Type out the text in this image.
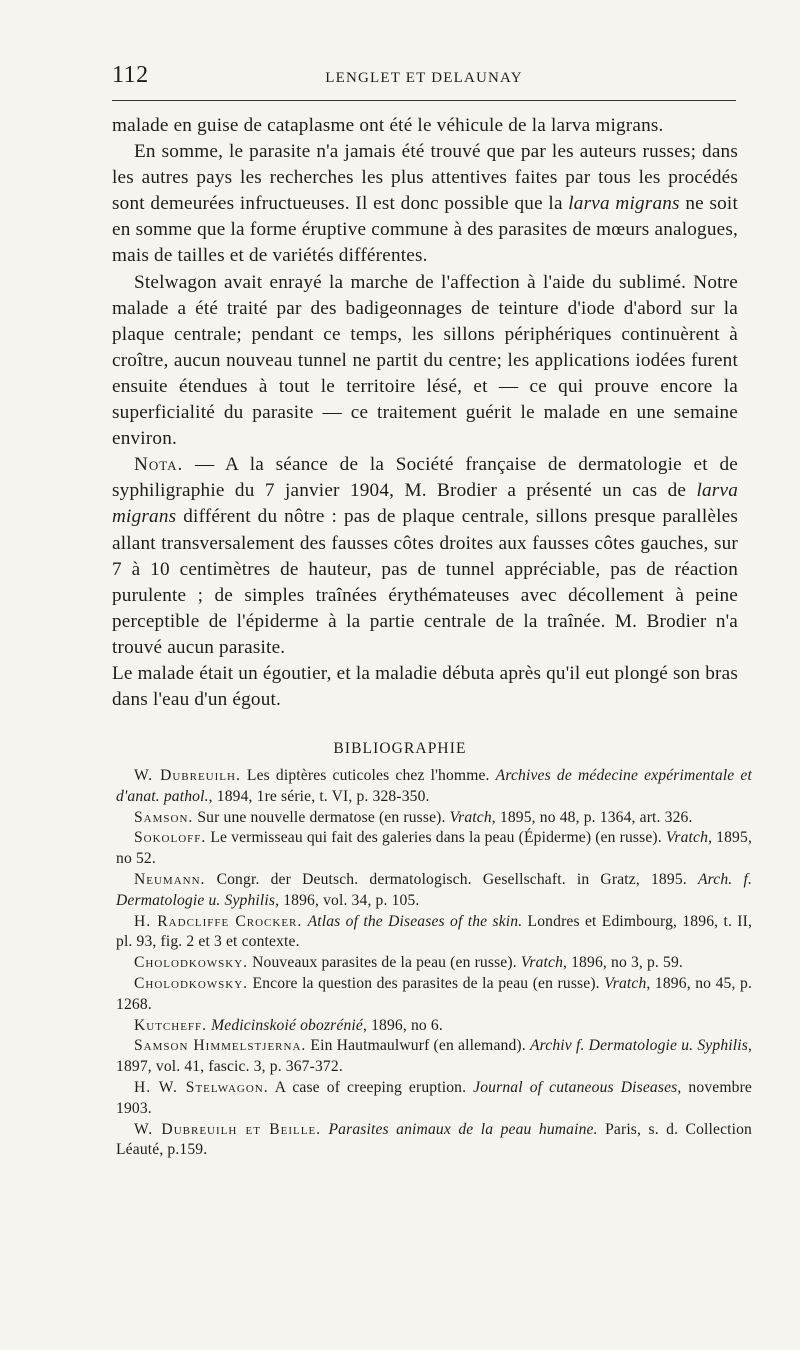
112	LENGLET ET DELAUNAY

malade en guise de cataplasme ont été le véhicule de la larva migrans.

En somme, le parasite n'a jamais été trouvé que par les auteurs russes; dans les autres pays les recherches les plus attentives faites par tous les procédés sont demeurées infructueuses. Il est donc possible que la larva migrans ne soit en somme que la forme éruptive commune à des parasites de mœurs analogues, mais de tailles et de variétés différentes.

Stelwagon avait enrayé la marche de l'affection à l'aide du sublimé. Notre malade a été traité par des badigeonnages de teinture d'iode d'abord sur la plaque centrale; pendant ce temps, les sillons périphériques continuèrent à croître, aucun nouveau tunnel ne partit du centre; les applications iodées furent ensuite étendues à tout le territoire lésé, et — ce qui prouve encore la superficialité du parasite — ce traitement guérit le malade en une semaine environ.

Nota. — A la séance de la Société française de dermatologie et de syphiligraphie du 7 janvier 1904, M. Brodier a présenté un cas de larva migrans différent du nôtre : pas de plaque centrale, sillons presque parallèles allant transversalement des fausses côtes droites aux fausses côtes gauches, sur 7 à 10 centimètres de hauteur, pas de tunnel appréciable, pas de réaction purulente ; de simples traînées érythémateuses avec décollement à peine perceptible de l'épiderme à la partie centrale de la traînée. M. Brodier n'a trouvé aucun parasite.

Le malade était un égoutier, et la maladie débuta après qu'il eut plongé son bras dans l'eau d'un égout.

BIBLIOGRAPHIE

W. Dubreuilh. Les diptères cuticoles chez l'homme. Archives de médecine expérimentale et d'anat. pathol., 1894, 1re série, t. VI, p. 328-350.

Samson. Sur une nouvelle dermatose (en russe). Vratch, 1895, no 48, p. 1364, art. 326.

Sokoloff. Le vermisseau qui fait des galeries dans la peau (Épiderme) (en russe). Vratch, 1895, no 52.

Neumann. Congr. der Deutsch. dermatologisch. Gesellschaft. in Gratz, 1895. Arch. f. Dermatologie u. Syphilis, 1896, vol. 34, p. 105.

H. Radcliffe Crocker. Atlas of the Diseases of the skin. Londres et Edimbourg, 1896, t. II, pl. 93, fig. 2 et 3 et contexte.

Cholodkowsky. Nouveaux parasites de la peau (en russe). Vratch, 1896, no 3, p. 59.

Cholodkowsky. Encore la question des parasites de la peau (en russe). Vratch, 1896, no 45, p. 1268.

Kutcheff. Medicinskoié obozrénié, 1896, no 6.

Samson Himmelstjerna. Ein Hautmaulwurf (en allemand). Archiv f. Dermatologie u. Syphilis, 1897, vol. 41, fascic. 3, p. 367-372.

H. W. Stelwagon. A case of creeping eruption. Journal of cutaneous Diseases, novembre 1903.

W. Dubreuilh et Beille. Parasites animaux de la peau humaine. Paris, s. d. Collection Léauté, p.159.
